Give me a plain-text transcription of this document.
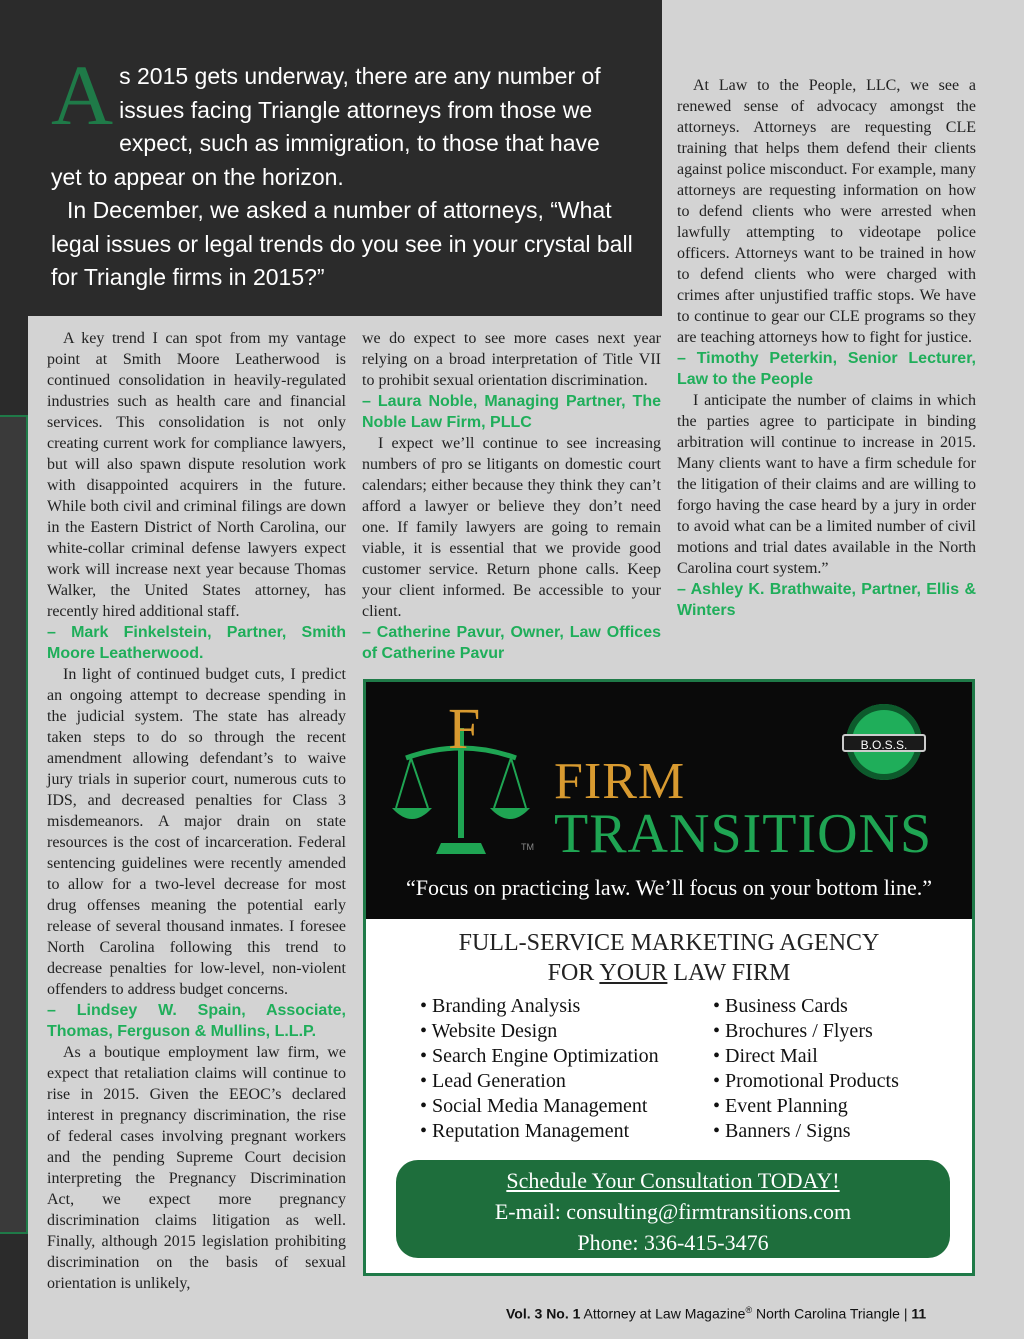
As 2015 gets underway, there are any number of issues facing Triangle attorneys from those we expect, such as immigration, to those that have yet to appear on the horizon.

In December, we asked a number of attorneys, “What legal issues or legal trends do you see in your crystal ball for Triangle firms in 2015?”

A key trend I can spot from my vantage point at Smith Moore Leatherwood is continued consolidation in heavily-regulated industries such as health care and financial services. This consolidation is not only creating current work for compliance lawyers, but will also spawn dispute resolution work with disappointed acquirers in the future. While both civil and criminal filings are down in the Eastern District of North Carolina, our white-collar criminal defense lawyers expect work will increase next year because Thomas Walker, the United States attorney, has recently hired additional staff.

– Mark Finkelstein, Partner, Smith Moore Leatherwood.

In light of continued budget cuts, I predict an ongoing attempt to decrease spending in the judicial system. The state has already taken steps to do so through the recent amendment allowing defendant’s to waive jury trials in superior court, numerous cuts to IDS, and decreased penalties for Class 3 misdemeanors. A major drain on state resources is the cost of incarceration. Federal sentencing guidelines were recently amended to allow for a two-level decrease for most drug offenses meaning the potential early release of several thousand inmates. I foresee North Carolina following this trend to decrease penalties for low-level, non-violent offenders to address budget concerns.

– Lindsey W. Spain, Associate, Thomas, Ferguson & Mullins, L.L.P.

As a boutique employment law firm, we expect that retaliation claims will continue to rise in 2015. Given the EEOC’s declared interest in pregnancy discrimination, the rise of federal cases involving pregnant workers and the pending Supreme Court decision interpreting the Pregnancy Discrimination Act, we expect more pregnancy discrimination claims litigation as well. Finally, although 2015 legislation prohibiting discrimination on the basis of sexual orientation is unlikely,

we do expect to see more cases next year relying on a broad interpretation of Title VII to prohibit sexual orientation discrimination.

– Laura Noble, Managing Partner, The Noble Law Firm, PLLC

I expect we’ll continue to see increasing numbers of pro se litigants on domestic court calendars; either because they think they can’t afford a lawyer or believe they don’t need one. If family lawyers are going to remain viable, it is essential that we provide good customer service. Return phone calls. Keep your client informed. Be accessible to your client.

– Catherine Pavur, Owner, Law Offices of Catherine Pavur

At Law to the People, LLC, we see a renewed sense of advocacy amongst the attorneys. Attorneys are requesting CLE training that helps them defend their clients against police misconduct. For example, many attorneys are requesting information on how to defend clients who were arrested when lawfully attempting to videotape police officers. Attorneys want to be trained in how to defend clients who were charged with crimes after unjustified traffic stops. We have to continue to gear our CLE programs so they are teaching attorneys how to fight for justice.

– Timothy Peterkin, Senior Lecturer, Law to the People

I anticipate the number of claims in which the parties agree to participate in binding arbitration will continue to increase in 2015. Many clients want to have a firm schedule for the litigation of their claims and are willing to forgo having the case heard by a jury in order to avoid what can be a limited number of civil motions and trial dates available in the North Carolina court system.”

– Ashley K. Brathwaite, Partner, Ellis & Winters

F
TM
FIRM
TRANSITIONS
B.O.S.S.
“Focus on practicing law. We’ll focus on your bottom line.”
FULL-SERVICE MARKETING AGENCY
FOR YOUR LAW FIRM
• Branding Analysis
• Website Design
• Search Engine Optimization
• Lead Generation
• Social Media Management
• Reputation Management
• Business Cards
• Brochures / Flyers
• Direct Mail
• Promotional Products
• Event Planning
• Banners / Signs
Schedule Your Consultation TODAY!
E-mail: consulting@firmtransitions.com
Phone: 336-415-3476
Vol. 3 No. 1 Attorney at Law Magazine® North Carolina Triangle | 11
